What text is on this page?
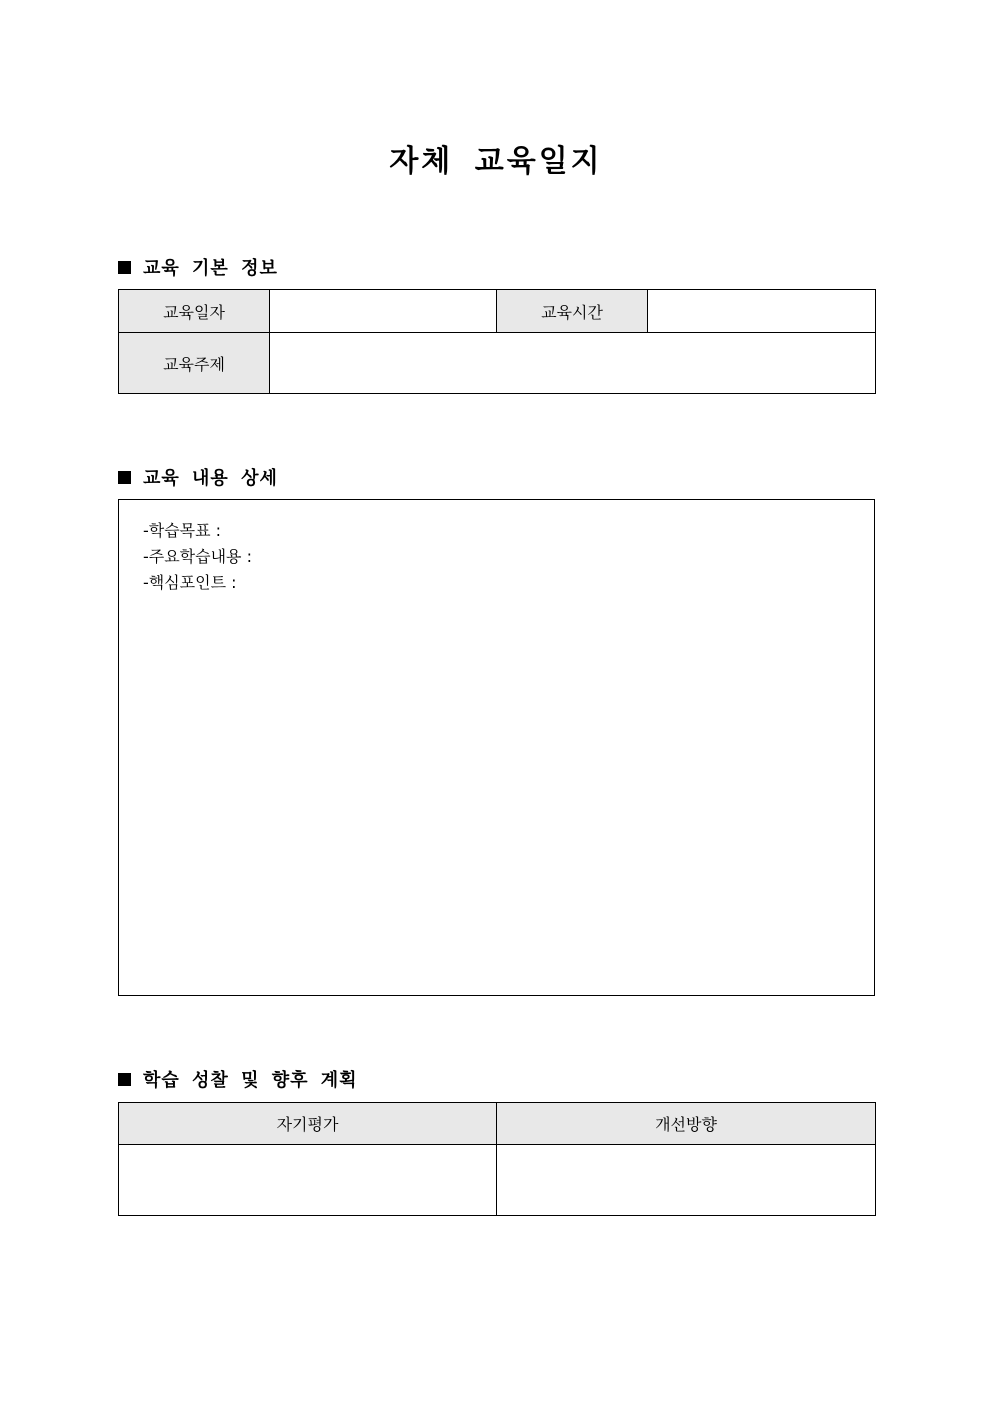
자체 교육일지
교육 기본 정보
교육일자		교육시간	
교육주제			
교육 내용 상세
-학습목표 :
-주요학습내용 :
-핵심포인트 :
학습 성찰 및 향후 계획
자기평가	개선방향
